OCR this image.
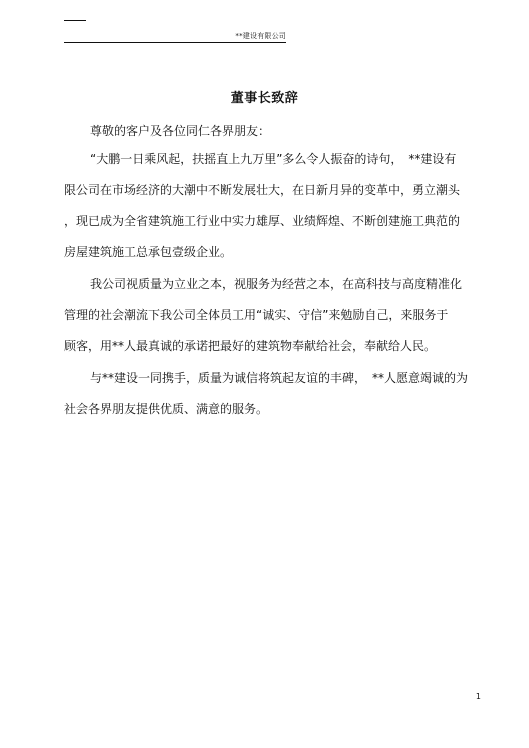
**建设有限公司
董事长致辞
尊敬的客户及各位同仁各界朋友：
“大鹏一日乘风起，扶摇直上九万里”多么令人振奋的诗句，　**建设有
限公司在市场经济的大潮中不断发展壮大，在日新月异的变革中，勇立潮头
，现已成为全省建筑施工行业中实力雄厚、业绩辉煌、不断创建施工典范的
房屋建筑施工总承包壹级企业。
我公司视质量为立业之本，视服务为经营之本，在高科技与高度精准化
管理的社会潮流下我公司全体员工用“诚实、守信”来勉励自己，来服务于
顾客，用**人最真诚的承诺把最好的建筑物奉献给社会，奉献给人民。
与**建设一同携手，质量为诚信将筑起友谊的丰碑，　**人愿意竭诚的为
社会各界朋友提供优质、满意的服务。
1
